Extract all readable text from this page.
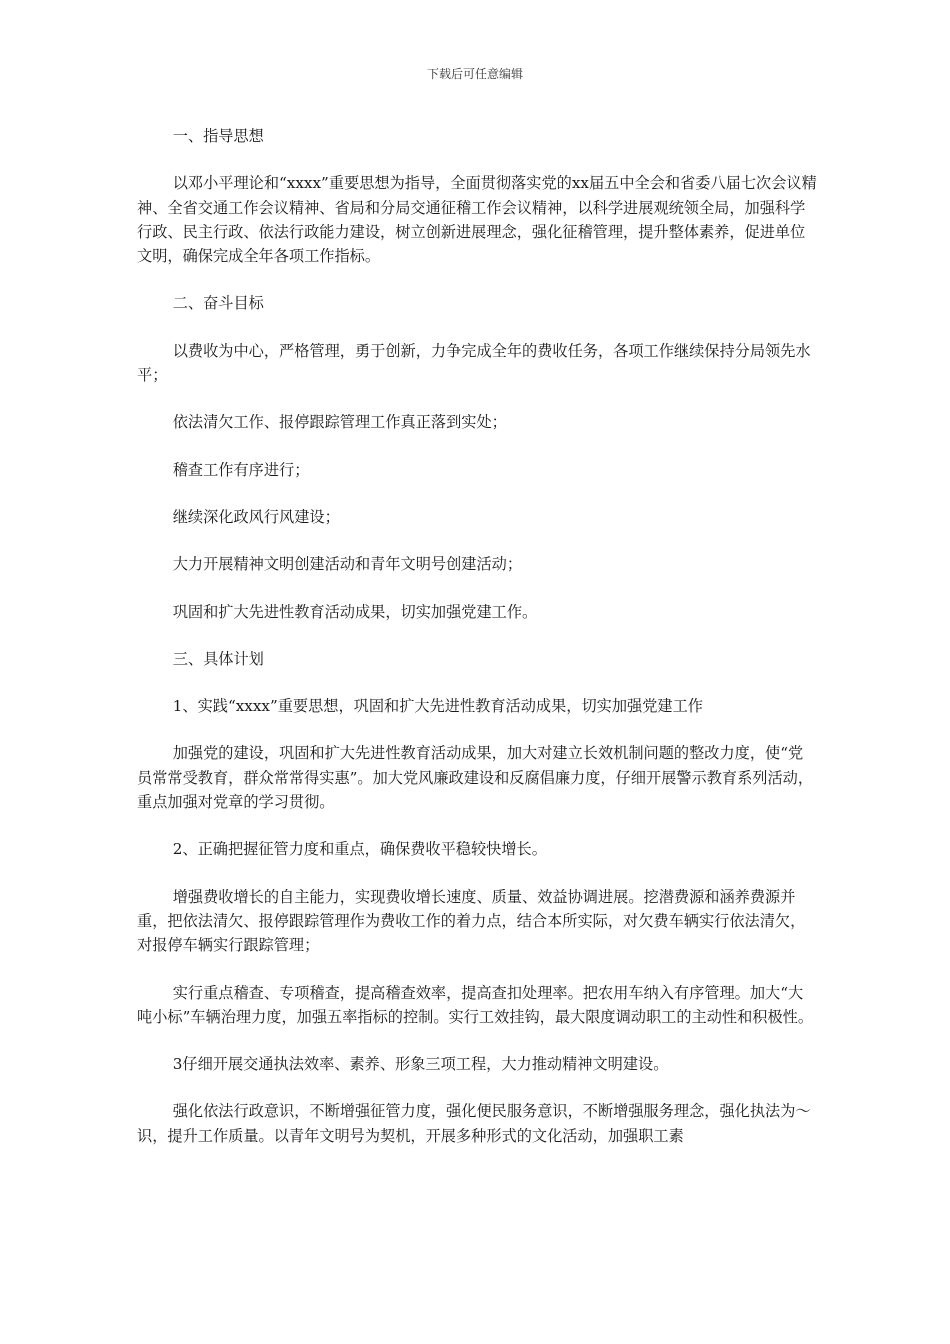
下载后可任意编辑

一、指导思想

以邓小平理论和“xxxx”重要思想为指导，全面贯彻落实党的xx届五中全会和省委八届七次会议精神、全省交通工作会议精神、省局和分局交通征稽工作会议精神，以科学进展观统领全局，加强科学行政、民主行政、依法行政能力建设，树立创新进展理念，强化征稽管理，提升整体素养，促进单位文明，确保完成全年各项工作指标。

二、奋斗目标

以费收为中心，严格管理，勇于创新，力争完成全年的费收任务，各项工作继续保持分局领先水平；

依法清欠工作、报停跟踪管理工作真正落到实处；

稽查工作有序进行；

继续深化政风行风建设；

大力开展精神文明创建活动和青年文明号创建活动；

巩固和扩大先进性教育活动成果，切实加强党建工作。

三、具体计划

1、实践“xxxx”重要思想，巩固和扩大先进性教育活动成果，切实加强党建工作

加强党的建设，巩固和扩大先进性教育活动成果，加大对建立长效机制问题的整改力度，使“党员常常受教育，群众常常得实惠”。加大党风廉政建设和反腐倡廉力度，仔细开展警示教育系列活动，重点加强对党章的学习贯彻。

2、正确把握征管力度和重点，确保费收平稳较快增长。

增强费收增长的自主能力，实现费收增长速度、质量、效益协调进展。挖潜费源和涵养费源并重，把依法清欠、报停跟踪管理作为费收工作的着力点，结合本所实际，对欠费车辆实行依法清欠，对报停车辆实行跟踪管理；

实行重点稽查、专项稽查，提高稽查效率，提高查扣处理率。把农用车纳入有序管理。加大“大吨小标”车辆治理力度，加强五率指标的控制。实行工效挂钩，最大限度调动职工的主动性和积极性。

3仔细开展交通执法效率、素养、形象三项工程，大力推动精神文明建设。

强化依法行政意识，不断增强征管力度，强化便民服务意识，不断增强服务理念，强化执法为～识，提升工作质量。以青年文明号为契机，开展多种形式的文化活动，加强职工素
